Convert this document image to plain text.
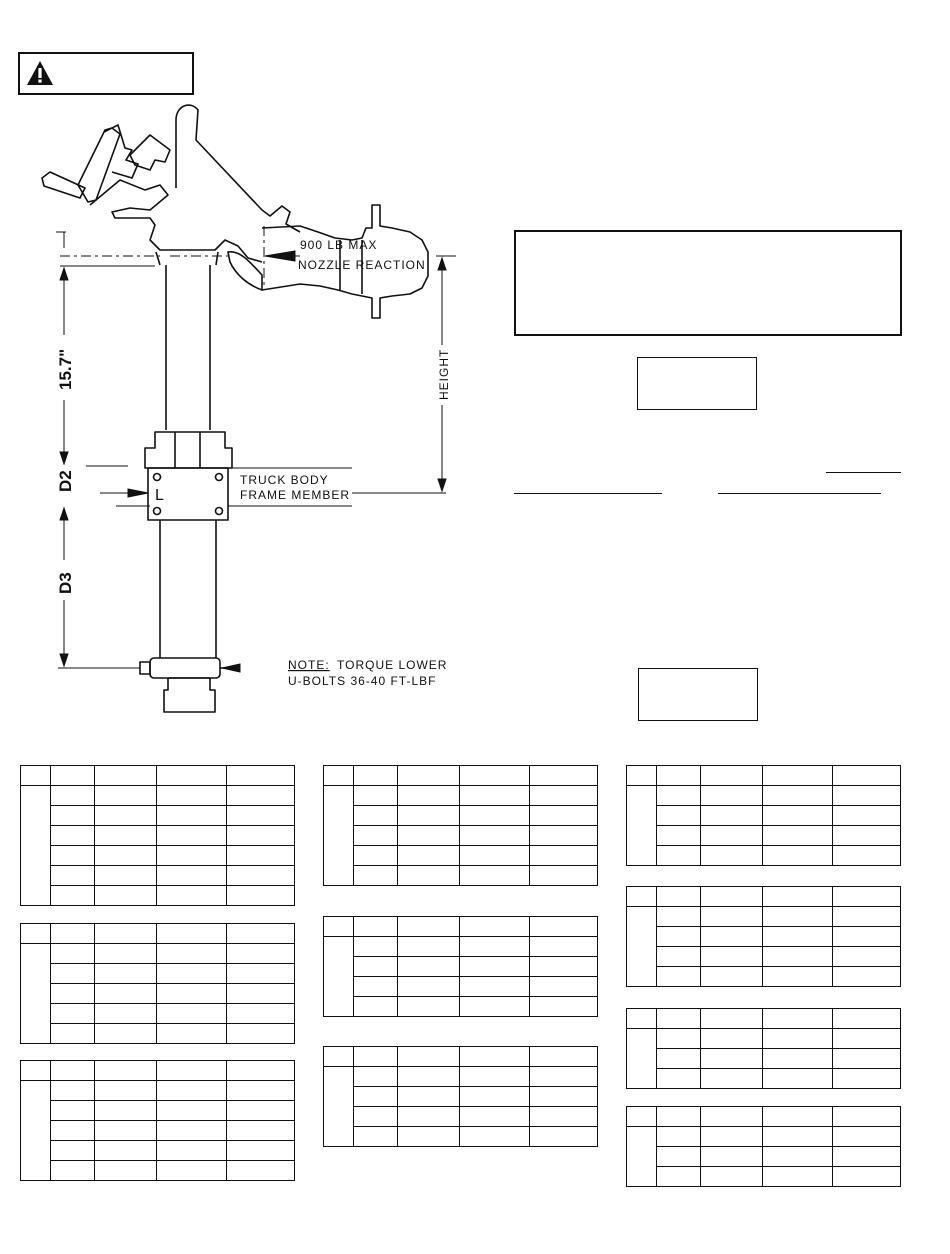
900 LB MAX
NOZZLE REACTION
TRUCK BODY
FRAME MEMBER
NOTE: TORQUE LOWER
U-BOLTS 36-40 FT-LBF
HEIGHT
15.7"
D2
D3
L
